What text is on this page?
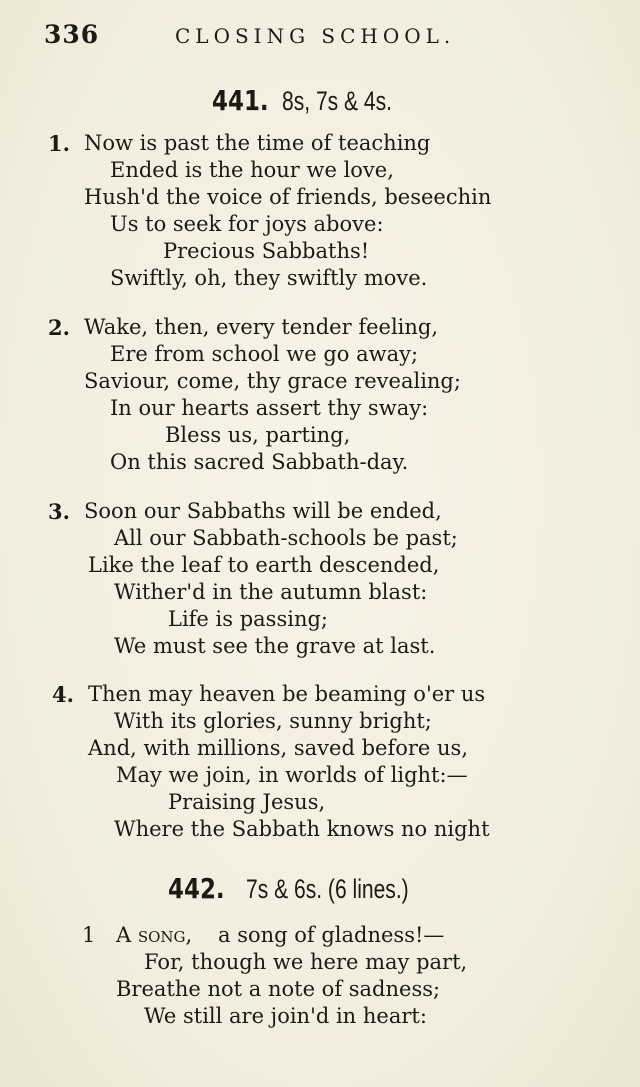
336	CLOSING SCHOOL.
441. 8s, 7s & 4s.
1. Now is past the time of teaching
Ended is the hour we love,
Hush'd the voice of friends, beseechin
Us to seek for joys above:
Precious Sabbaths!
Swiftly, oh, they swiftly move.
2. Wake, then, every tender feeling,
Ere from school we go away;
Saviour, come, thy grace revealing;
In our hearts assert thy sway:
Bless us, parting,
On this sacred Sabbath-day.
3. Soon our Sabbaths will be ended,
All our Sabbath-schools be past;
Like the leaf to earth descended,
Wither'd in the autumn blast:
Life is passing;
We must see the grave at last.
4. Then may heaven be beaming o'er us
With its glories, sunny bright;
And, with millions, saved before us,
May we join, in worlds of light:—
Praising Jesus,
Where the Sabbath knows no night
442. 7s & 6s. (6 lines.)
1 A song, a song of gladness!—
For, though we here may part,
Breathe not a note of sadness;
We still are join'd in heart:
